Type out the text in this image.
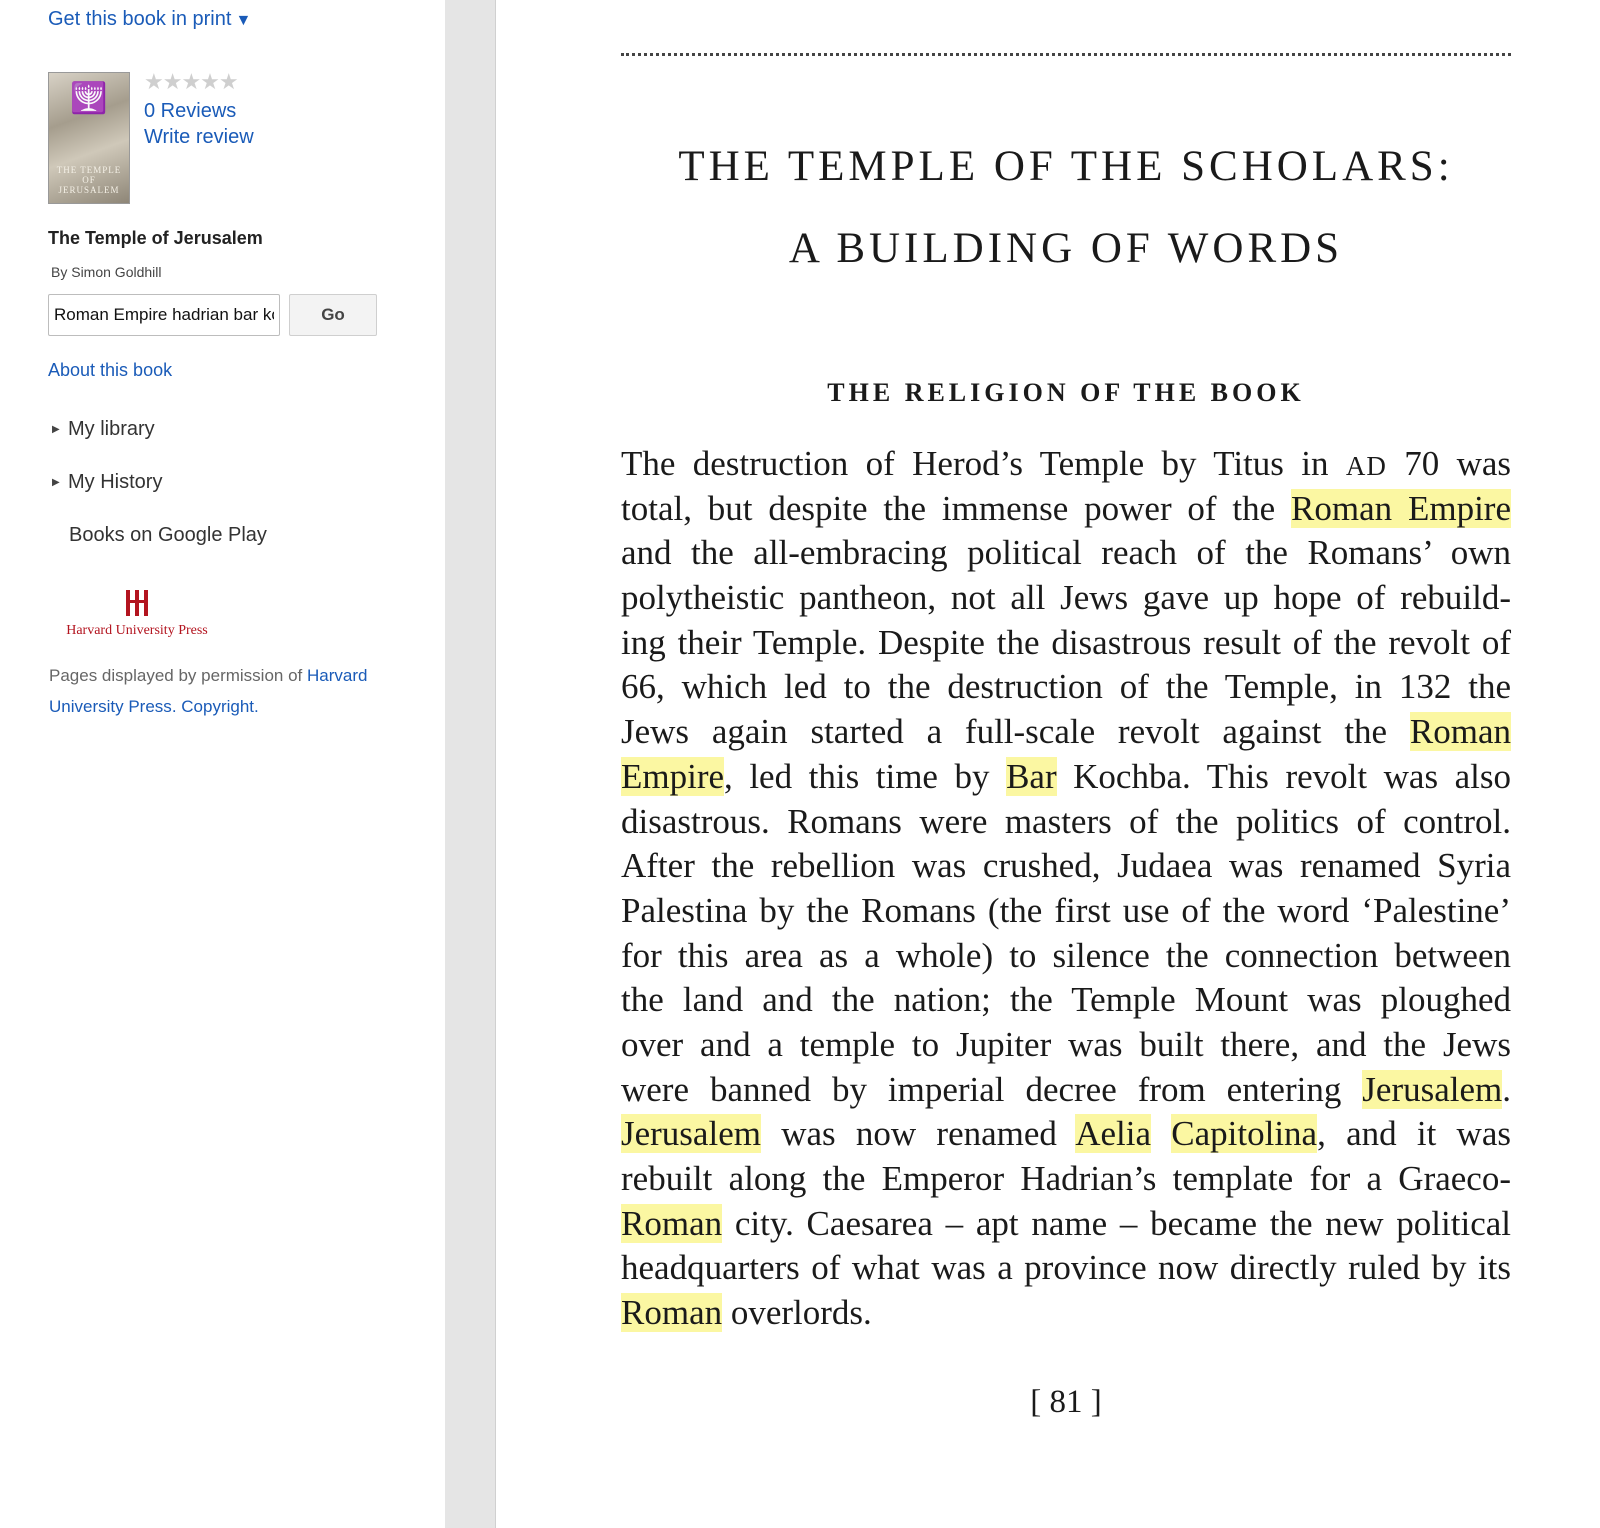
Get this book in print ▼
🕎
THE TEMPLE OF JERUSALEM
★★★★★
0 Reviews
Write review
The Temple of Jerusalem
By Simon Goldhill
Roman Empire hadrian bar kochba
Go
About this book
▶ My library
▶ My History
Books on Google Play
Harvard University Press
Pages displayed by permission of Harvard University Press. Copyright.
THE TEMPLE OF THE SCHOLARS:
A BUILDING OF WORDS
THE RELIGION OF THE BOOK
The destruction of Herod’s Temple by Titus in AD 70 was
total, but despite the immense power of the Roman Empire
and the all-embracing political reach of the Romans’ own
polytheistic pantheon, not all Jews gave up hope of rebuild-
ing their Temple. Despite the disastrous result of the revolt of
66, which led to the destruction of the Temple, in 132 the
Jews again started a full-scale revolt against the Roman
Empire, led this time by Bar Kochba. This revolt was also
disastrous. Romans were masters of the politics of control.
After the rebellion was crushed, Judaea was renamed Syria
Palestina by the Romans (the first use of the word ‘Palestine’
for this area as a whole) to silence the connection between
the land and the nation; the Temple Mount was ploughed
over and a temple to Jupiter was built there, and the Jews
were banned by imperial decree from entering Jerusalem.
Jerusalem was now renamed Aelia Capitolina, and it was
rebuilt along the Emperor Hadrian’s template for a Graeco-
Roman city. Caesarea – apt name – became the new political
headquarters of what was a province now directly ruled by its
Roman overlords.
[ 81 ]
